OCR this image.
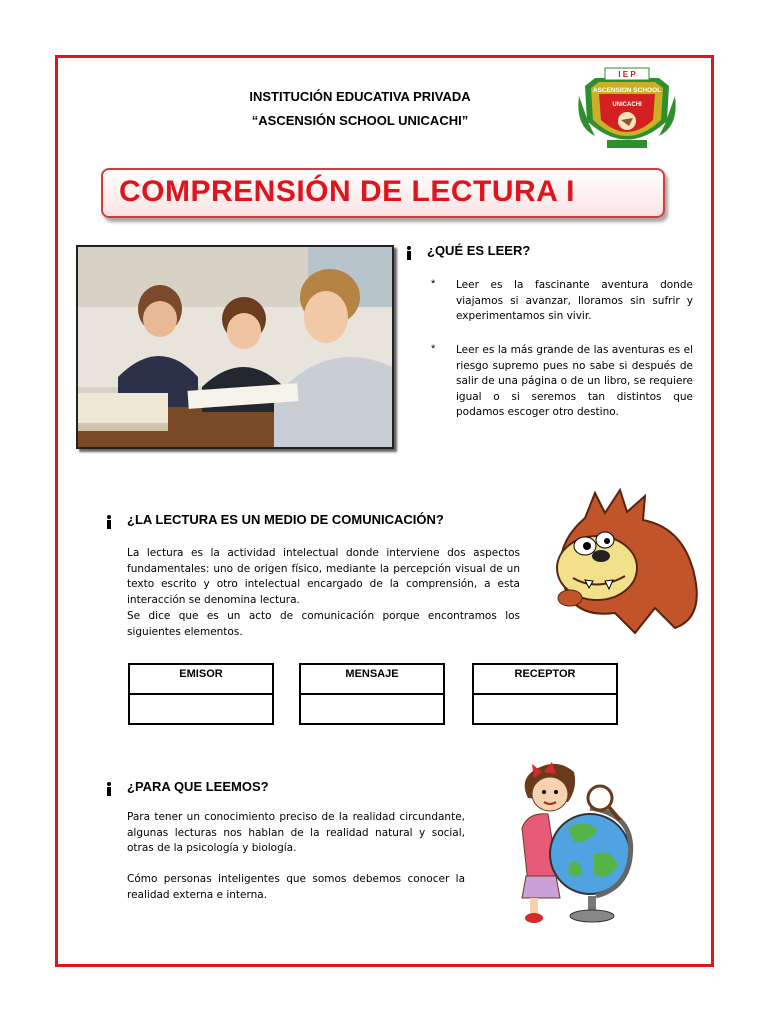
INSTITUCIÓN EDUCATIVA PRIVADA
“ASCENSIÓN SCHOOL UNICACHI”
I E P
ASCENSION SCHOOL
UNICACHI
COMPRENSIÓN DE LECTURA I
¿QUÉ ES LEER?
* Leer es la fascinante aventura donde viajamos si avanzar, lloramos sin sufrir y experimentamos sin vivir.
* Leer es la más grande de las aventuras es el riesgo supremo pues no sabe si después de salir de una página o de un libro, se requiere igual o si seremos tan distintos que podamos escoger otro destino.
¿LA LECTURA ES UN MEDIO DE COMUNICACIÓN?
La lectura es la actividad intelectual donde interviene dos aspectos fundamentales: uno de origen físico, mediante la percepción visual de un texto escrito y otro intelectual encargado de la comprensión, a esta interacción se denomina lectura.
Se dice que es un acto de comunicación porque encontramos los siguientes elementos.
EMISOR	MENSAJE	RECEPTOR
¿PARA QUE LEEMOS?
Para tener un conocimiento preciso de la realidad circundante, algunas lecturas nos hablan de la realidad natural y social, otras de la psicología y biología.
Cómo personas inteligentes que somos debemos conocer la realidad externa e interna.
